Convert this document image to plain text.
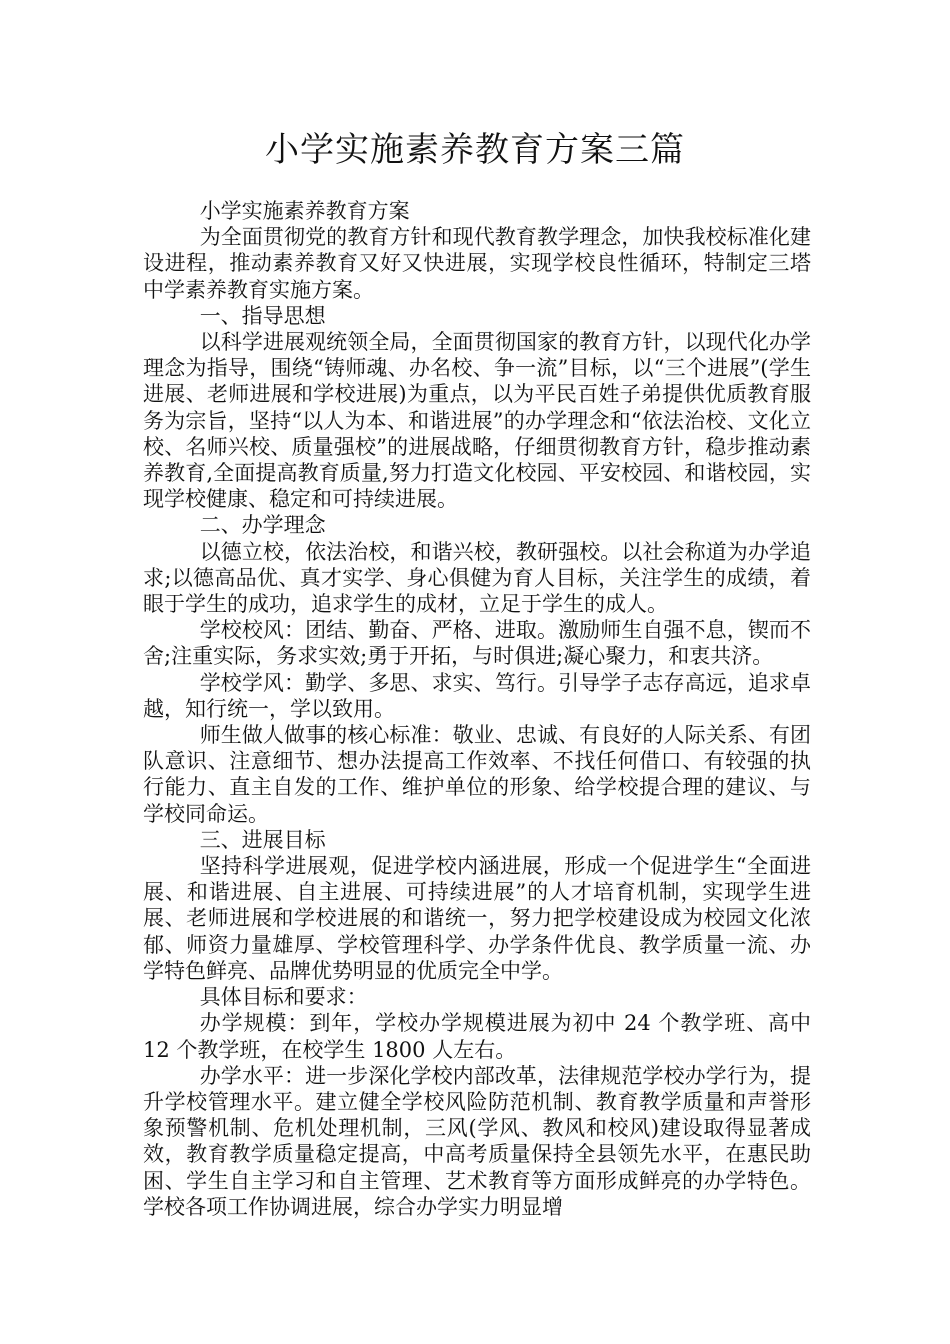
小学实施素养教育方案三篇

小学实施素养教育方案

为全面贯彻党的教育方针和现代教育教学理念，加快我校标准化建设进程，推动素养教育又好又快进展，实现学校良性循环，特制定三塔中学素养教育实施方案。

一、指导思想

以科学进展观统领全局，全面贯彻国家的教育方针，以现代化办学理念为指导，围绕“铸师魂、办名校、争一流”目标，以“三个进展”(学生进展、老师进展和学校进展)为重点，以为平民百姓子弟提供优质教育服务为宗旨，坚持“以人为本、和谐进展”的办学理念和“依法治校、文化立校、名师兴校、质量强校”的进展战略，仔细贯彻教育方针，稳步推动素养教育,全面提高教育质量,努力打造文化校园、平安校园、和谐校园，实现学校健康、稳定和可持续进展。

二、办学理念

以德立校，依法治校，和谐兴校，教研强校。以社会称道为办学追求;以德高品优、真才实学、身心俱健为育人目标，关注学生的成绩，着眼于学生的成功，追求学生的成材，立足于学生的成人。

学校校风：团结、勤奋、严格、进取。激励师生自强不息，锲而不舍;注重实际，务求实效;勇于开拓，与时俱进;凝心聚力，和衷共济。

学校学风：勤学、多思、求实、笃行。引导学子志存高远，追求卓越，知行统一，学以致用。

师生做人做事的核心标准：敬业、忠诚、有良好的人际关系、有团队意识、注意细节、想办法提高工作效率、不找任何借口、有较强的执行能力、直主自发的工作、维护单位的形象、给学校提合理的建议、与学校同命运。

三、进展目标

坚持科学进展观，促进学校内涵进展，形成一个促进学生“全面进展、和谐进展、自主进展、可持续进展”的人才培育机制，实现学生进展、老师进展和学校进展的和谐统一，努力把学校建设成为校园文化浓郁、师资力量雄厚、学校管理科学、办学条件优良、教学质量一流、办学特色鲜亮、品牌优势明显的优质完全中学。

具体目标和要求：

办学规模：到年，学校办学规模进展为初中 24 个教学班、高中 12 个教学班，在校学生 1800 人左右。

办学水平：进一步深化学校内部改革，法律规范学校办学行为，提升学校管理水平。建立健全学校风险防范机制、教育教学质量和声誉形象预警机制、危机处理机制，三风(学风、教风和校风)建设取得显著成效，教育教学质量稳定提高，中高考质量保持全县领先水平，在惠民助困、学生自主学习和自主管理、艺术教育等方面形成鲜亮的办学特色。学校各项工作协调进展，综合办学实力明显增
